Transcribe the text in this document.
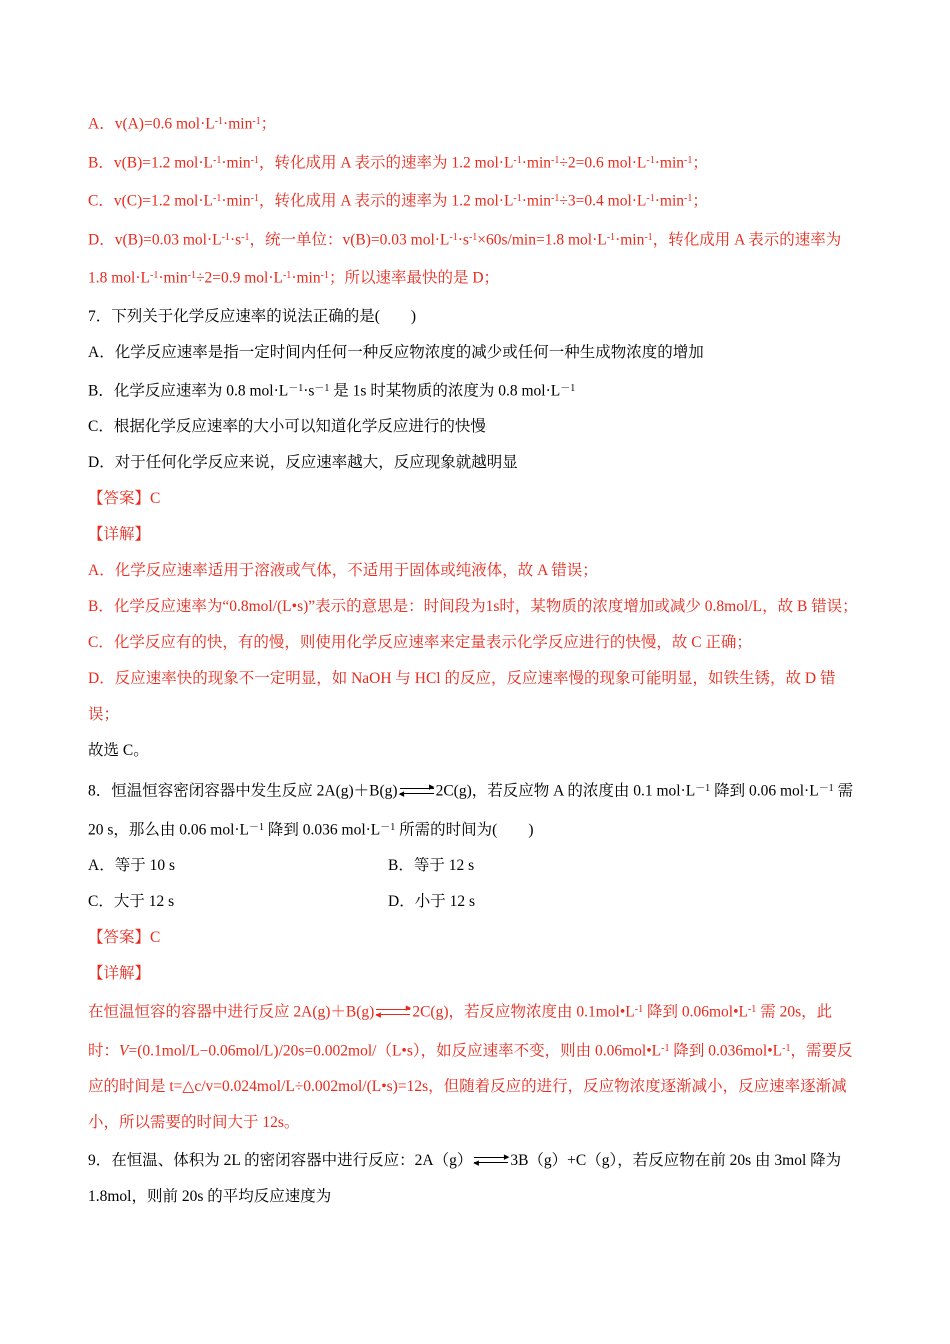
A．v(A)=0.6 $mol\cdot L^{-1}\cdot\min^{-1}$；
B．v(B)=1.2 $mol\cdot L^{-1}\cdot\min^{-1}$，转化成用 A 表示的速率为 1.2 $mol\cdot L^{-1}\cdot\min^{-1}\div 2=0.6$ $mol\cdot L^{-1}\cdot\min^{-1}$；
C．v(C)=1.2 $mol\cdot L^{-1}\cdot\min^{-1}$，转化成用 A 表示的速率为 1.2 $mol\cdot L^{-1}\cdot\min^{-1}\div 3=0.4$ $mol\cdot L^{-1}\cdot\min^{-1}$；
D．v(B)=0.03 $mol\cdot L^{-1}\cdot s^{-1}$，统一单位：v(B)=0.03 $mol\cdot L^{-1}\cdot s^{-1}\times 60s/\min=1.8$ $mol\cdot L^{-1}\cdot\min^{-1}$，转化成用 A 表示的速率为 1.8 $mol\cdot L^{-1}\cdot\min^{-1}\div 2=0.9$ $mol\cdot L^{-1}\cdot\min^{-1}$；所以速率最快的是 D；
7．下列关于化学反应速率的说法正确的是(　　)
A．化学反应速率是指一定时间内任何一种反应物浓度的减少或任何一种生成物浓度的增加
B．化学反应速率为 0.8 $mol\cdot L^{-1}\cdot s^{-1}$ 是 1s 时某物质的浓度为 0.8 $mol\cdot L^{-1}$
C．根据化学反应速率的大小可以知道化学反应进行的快慢
D．对于任何化学反应来说，反应速率越大，反应现象就越明显
【答案】C
【详解】
A．化学反应速率适用于溶液或气体，不适用于固体或纯液体，故 A 错误；
B．化学反应速率为“0.8mol/(L•s)”表示的意思是：时间段为1s时，某物质的浓度增加或减少 0.8mol/L，故 B 错误；
C．化学反应有的快，有的慢，则使用化学反应速率来定量表示化学反应进行的快慢，故 C 正确；
D．反应速率快的现象不一定明显，如 NaOH 与 HCl 的反应，反应速率慢的现象可能明显，如铁生锈，故 D 错误；
故选 C。
8．恒温恒容密闭容器中发生反应 2A(g)＋B(g)	▸
◂ 2C(g)，若反应物 A 的浓度由 0.1 $mol\cdot L^{-1}$ 降到 0.06 $mol\cdot L^{-1}$ 需 20 s，那么由 0.06 $mol\cdot L^{-1}$ 降到 0.036 $mol\cdot L^{-1}$ 所需的时间为(　　)
A．等于 10 s	B．等于 12 s
C．大于 12 s	D．小于 12 s
【答案】C
【详解】
在恒温恒容的容器中进行反应 2A(g)＋B(g)	▸
◂ 2C(g)，若反应物浓度由 $0.1mol•L^{-1}$ 降到 $0.06mol•L^{-1}$ 需 20s，此时：V=(0.1mol/L−0.06mol/L)/20s=0.002mol/（L•s），如反应速率不变，则由 $0.06mol•L^{-1}$ 降到 $0.036mol•L^{-1}$，需要反应的时间是 t=△c/v=0.024mol/L÷0.002mol/(L•s)=12s，但随着反应的进行，反应物浓度逐渐减小，反应速率逐渐减小，所以需要的时间大于 12s。
9．在恒温、体积为 2L 的密闭容器中进行反应：2A（g）	▸
◂ 3B（g）+C（g），若反应物在前 20s 由 3mol 降为 1.8mol，则前 20s 的平均反应速度为
